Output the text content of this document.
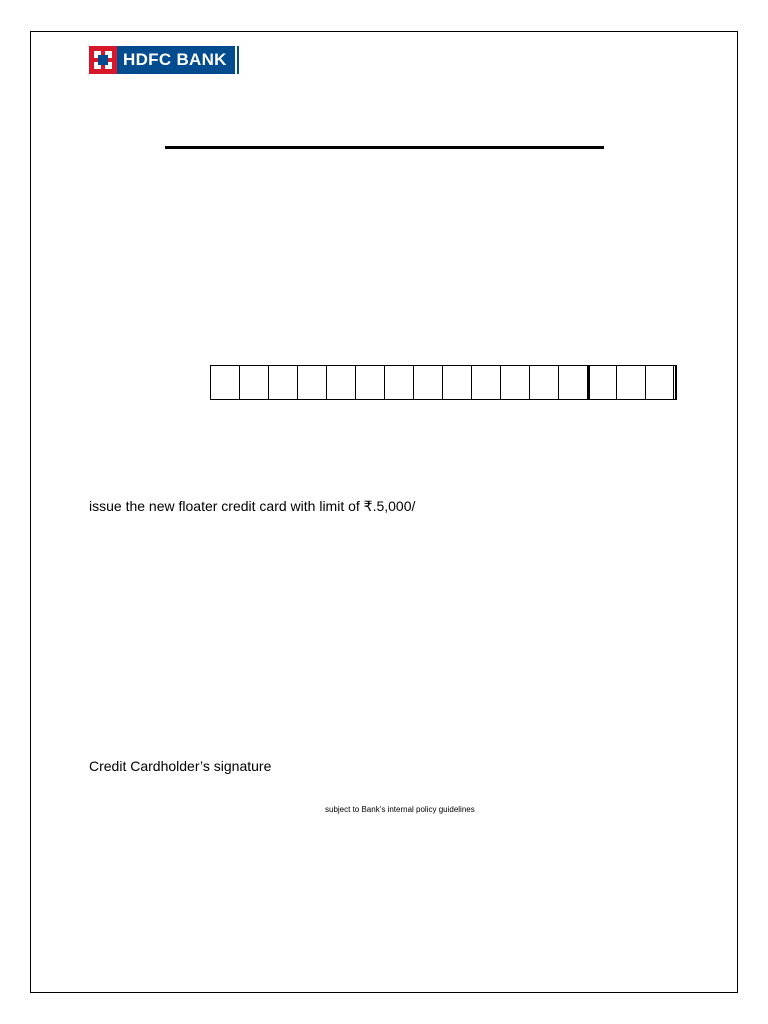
HDFC BANK
issue the new floater credit card with limit of ₹.5,000/
Credit Cardholder’s signature
subject to Bank’s internal policy guidelines
